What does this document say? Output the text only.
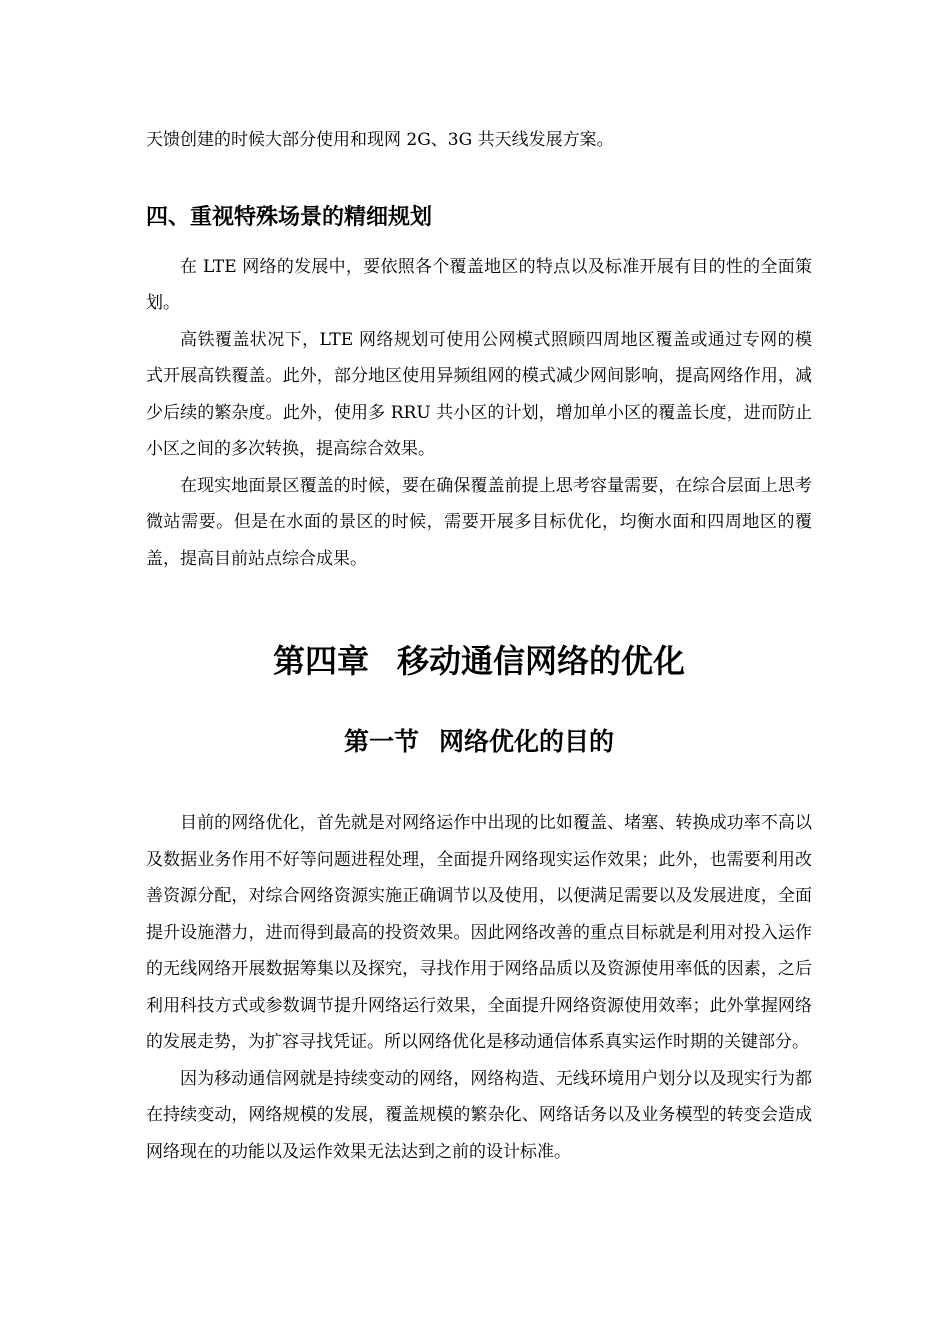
天馈创建的时候大部分使用和现网 2G、3G 共天线发展方案。

四、重视特殊场景的精细规划

在 LTE 网络的发展中，要依照各个覆盖地区的特点以及标准开展有目的性的全面策划。

高铁覆盖状况下，LTE 网络规划可使用公网模式照顾四周地区覆盖或通过专网的模式开展高铁覆盖。此外，部分地区使用异频组网的模式减少网间影响，提高网络作用，减少后续的繁杂度。此外，使用多 RRU 共小区的计划，增加单小区的覆盖长度，进而防止小区之间的多次转换，提高综合效果。

在现实地面景区覆盖的时候，要在确保覆盖前提上思考容量需要，在综合层面上思考微站需要。但是在水面的景区的时候，需要开展多目标优化，均衡水面和四周地区的覆盖，提高目前站点综合成果。

第四章 移动通信网络的优化
第一节 网络优化的目的

目前的网络优化，首先就是对网络运作中出现的比如覆盖、堵塞、转换成功率不高以及数据业务作用不好等问题进程处理，全面提升网络现实运作效果；此外，也需要利用改善资源分配，对综合网络资源实施正确调节以及使用，以便满足需要以及发展进度，全面提升设施潜力，进而得到最高的投资效果。因此网络改善的重点目标就是利用对投入运作的无线网络开展数据筹集以及探究，寻找作用于网络品质以及资源使用率低的因素，之后利用科技方式或参数调节提升网络运行效果，全面提升网络资源使用效率；此外掌握网络的发展走势，为扩容寻找凭证。所以网络优化是移动通信体系真实运作时期的关键部分。

因为移动通信网就是持续变动的网络，网络构造、无线环境用户划分以及现实行为都在持续变动，网络规模的发展，覆盖规模的繁杂化、网络话务以及业务模型的转变会造成网络现在的功能以及运作效果无法达到之前的设计标准。
